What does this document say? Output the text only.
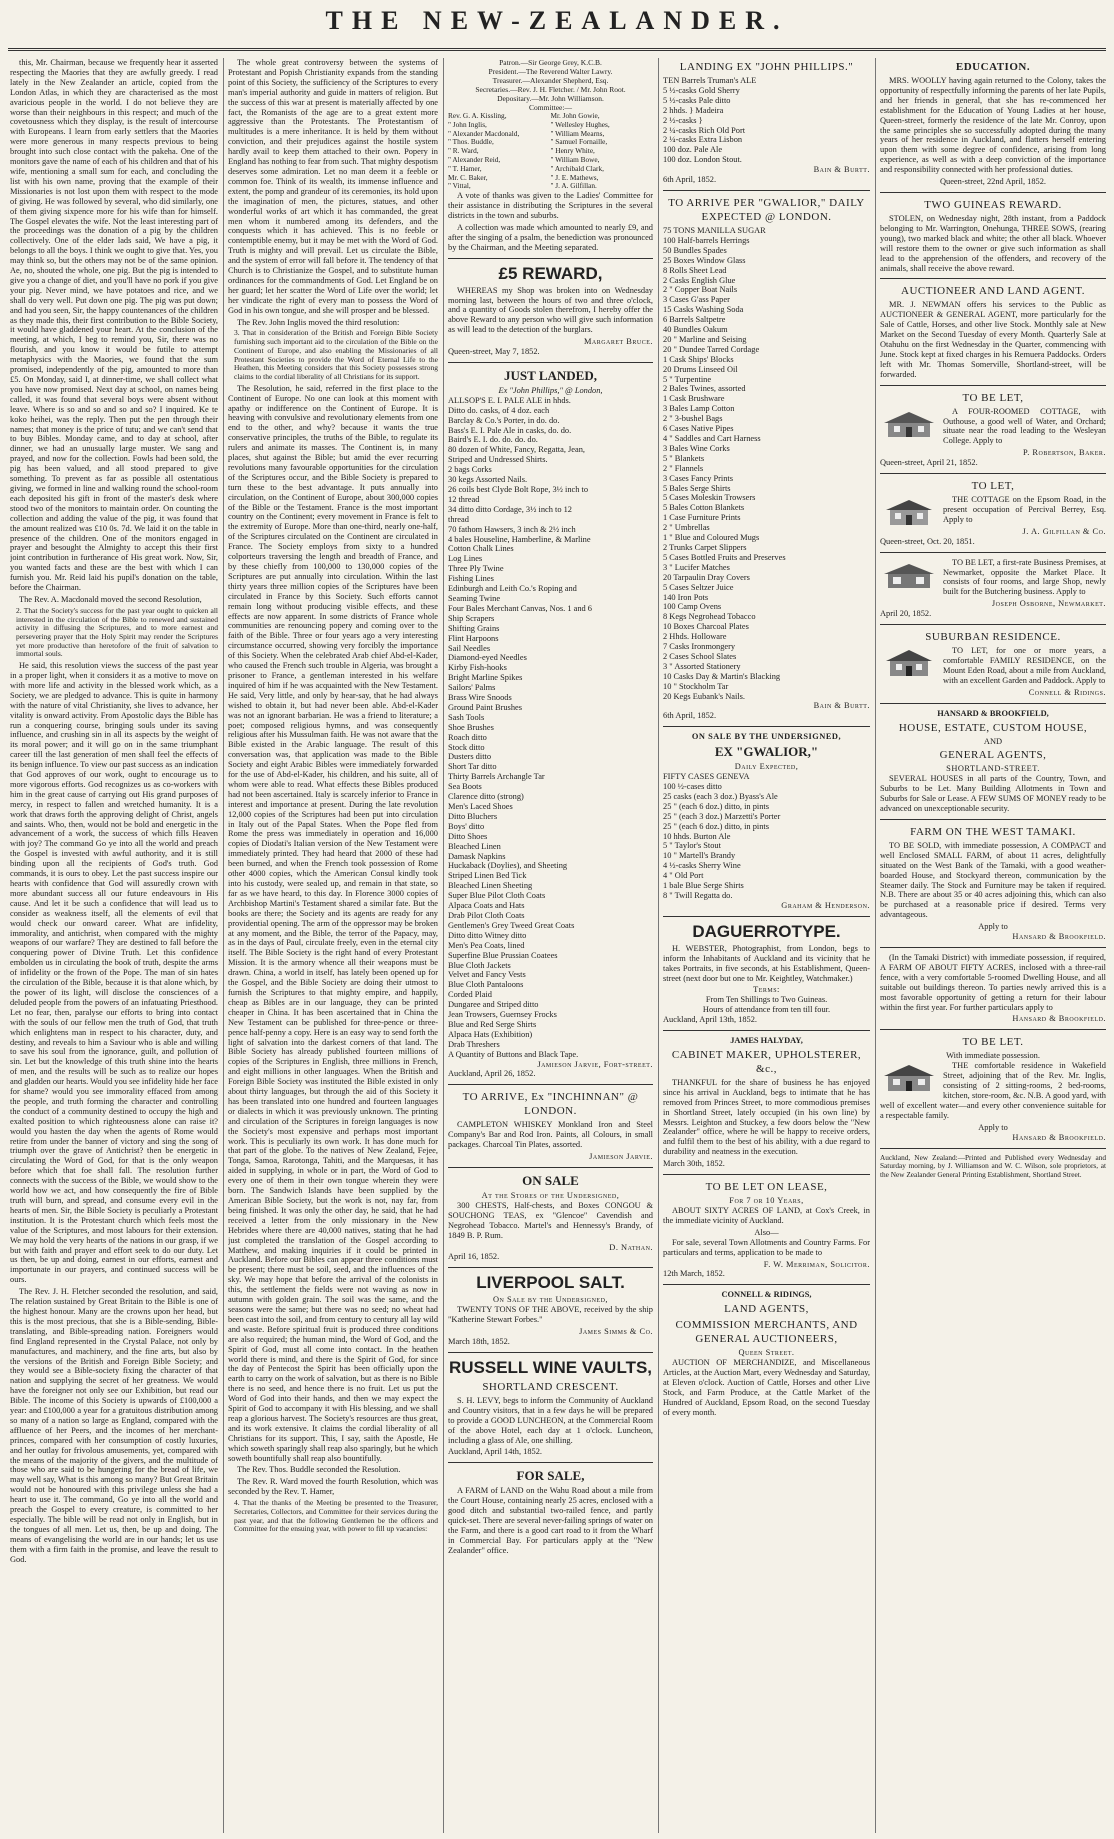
THE NEW-ZEALANDER.

this, Mr. Chairman, because we frequently hear it asserted respecting the Maories that they are awfully greedy. I read lately in the New Zealander an article, copied from the London Atlas, in which they are characterised as the most avaricious people in the world. I do not believe they are worse than their neighbours in this respect; and much of the covetousness which they display, is the result of intercourse with Europeans. I learn from early settlers that the Maories were more generous in many respects previous to being brought into such close contact with the pakeha. One of the monitors gave the name of each of his children and that of his wife, mentioning a small sum for each, and concluding the list with his own name, proving that the example of their Missionaries is not lost upon them with respect to the mode of giving. He was followed by several, who did similarly, one of them giving sixpence more for his wife than for himself. The Gospel elevates the wife. Not the least interesting part of the proceedings was the donation of a pig by the children collectively. One of the elder lads said, We have a pig, it belongs to all the boys. I think we ought to give that. Yes, you may think so, but the others may not be of the same opinion. Ae, no, shouted the whole, one pig. But the pig is intended to give you a change of diet, and you'll have no pork if you give your pig. Never mind, we have potatoes and rice, and we shall do very well. Put down one pig. The pig was put down; and had you seen, Sir, the happy countenances of the children as they made this, their first contribution to the Bible Society, it would have gladdened your heart. At the conclusion of the meeting, at which, I beg to remind you, Sir, there was no flourish, and you know it would be futile to attempt metaphysics with the Maories, we found that the sum promised, independently of the pig, amounted to more than £5. On Monday, said I, at dinner-time, we shall collect what you have now promised. Next day at school, on names being called, it was found that several boys were absent without leave. Where is so and so and so and so? I inquired. Ke te koko heihei, was the reply. Then put the pen through their names; that money is the price of tutu; and we can't send that to buy Bibles. Monday came, and to day at school, after dinner, we had an unusually large muster. We sang and prayed, and now for the collection. Fowls had been sold, the pig has been valued, and all stood prepared to give something. To prevent as far as possible all ostentatious giving, we formed in line and walking round the school-room each deposited his gift in front of the master's desk where stood two of the monitors to maintain order. On counting the collection and adding the value of the pig, it was found that the amount realized was £10 0s. 7d. We laid it on the table in presence of the children. One of the monitors engaged in prayer and besought the Almighty to accept this their first joint contribution in furtherance of His great work. Now, Sir, you wanted facts and these are the best with which I can furnish you. Mr. Reid laid his pupil's donation on the table, before the Chairman.

The Rev. A. Macdonald moved the second Resolution,

2. That the Society's success for the past year ought to quicken all interested in the circulation of the Bible to renewed and sustained activity in diffusing the Scriptures, and to more earnest and persevering prayer that the Holy Spirit may render the Scriptures yet more productive than heretofore of the fruit of salvation to immortal souls.

He said, this resolution views the success of the past year in a proper light, when it considers it as a motive to move on with more life and activity in the blessed work which, as a Society, we are pledged to advance. This is quite in harmony with the nature of vital Christianity, she lives to advance, her vitality is onward activity. From Apostolic days the Bible has run a conquering course, bringing souls under its saving influence, and crushing sin in all its aspects by the weight of its moral power; and it will go on in the same triumphant career till the last generation of men shall feel the effects of its benign influence. To view our past success as an indication that God approves of our work, ought to encourage us to more vigorous efforts. God recognizes us as co-workers with him in the great cause of carrying out His grand purposes of mercy, in respect to fallen and wretched humanity. It is a work that draws forth the approving delight of Christ, angels and saints. Who, then, would not be bold and energetic in the advancement of a work, the success of which fills Heaven with joy? The command Go ye into all the world and preach the Gospel is invested with awful authority, and it is still binding upon all the recipients of God's truth. God commands, it is ours to obey. Let the past success inspire our hearts with confidence that God will assuredly crown with more abundant success all our future endeavours in His cause. And let it be such a confidence that will lead us to consider as weakness itself, all the elements of evil that would check our onward career. What are infidelity, immorality, and antichrist, when compared with the mighty weapons of our warfare? They are destined to fall before the conquering power of Divine Truth. Let this confidence embolden us in circulating the book of truth, despite the arms of infidelity or the frown of the Pope. The man of sin hates the circulation of the Bible, because it is that alone which, by the power of its light, will disclose the consciences of a deluded people from the powers of an infatuating Priesthood. Let no fear, then, paralyse our efforts to bring into contact with the souls of our fellow men the truth of God, that truth which enlightens man in respect to his character, duty, and destiny, and reveals to him a Saviour who is able and willing to save his soul from the ignorance, guilt, and pollution of sin. Let but the knowledge of this truth shine into the hearts of men, and the results will be such as to realize our hopes and gladden our hearts. Would you see infidelity hide her face for shame? would you see immorality effaced from among the people, and truth forming the character and controlling the conduct of a community destined to occupy the high and exalted position to which righteousness alone can raise it? would you hasten the day when the agents of Rome would retire from under the banner of victory and sing the song of triumph over the grave of Antichrist? then be energetic in circulating the Word of God, for that is the only weapon before which that foe shall fall. The resolution further connects with the success of the Bible, we would show to the world how we act, and how consequently the fire of Bible truth will burn, and spread, and consume every evil in the hearts of men. Sir, the Bible Society is peculiarly a Protestant institution. It is the Protestant church which feels most the value of the Scriptures, and most labours for their extension. We may hold the very hearts of the nations in our grasp, if we but with faith and prayer and effort seek to do our duty. Let us then, be up and doing, earnest in our efforts, earnest and importunate in our prayers, and continued success will be ours.

The Rev. J. H. Fletcher seconded the resolution, and said, The relation sustained by Great Britain to the Bible is one of the highest honour. Many are the crowns upon her head, but this is the most precious, that she is a Bible-sending, Bible-translating, and Bible-spreading nation. Foreigners would find England represented in the Crystal Palace, not only by manufactures, and machinery, and the fine arts, but also by the versions of the British and Foreign Bible Society; and they would see a Bible-society fixing the character of that nation and supplying the secret of her greatness. We would have the foreigner not only see our Exhibition, but read our Bible. The income of this Society is upwards of £100,000 a year: and £100,000 a year for a gratuitous distribution among so many of a nation so large as England, compared with the affluence of her Peers, and the incomes of her merchant-princes, compared with her consumption of costly luxuries, and her outlay for frivolous amusements, yet, compared with the means of the majority of the givers, and the multitude of those who are said to be hungering for the bread of life, we may well say, What is this among so many? But Great Britain would not be honoured with this privilege unless she had a heart to use it. The command, Go ye into all the world and preach the Gospel to every creature, is committed to her especially. The bible will be read not only in English, but in the tongues of all men. Let us, then, be up and doing. The means of evangelising the world are in our hands; let us use them with a firm faith in the promise, and leave the result to God.

The whole great controversy between the systems of Protestant and Popish Christianity expands from the standing point of this Society, the sufficiency of the Scriptures to every man's imperial authority and guide in matters of religion. But the success of this war at present is materially affected by one fact, the Romanists of the age are to a great extent more aggressive than the Protestants. The Protestantism of multitudes is a mere inheritance. It is held by them without conviction, and their prejudices against the hostile system hardly avail to keep them attached to their own. Popery in England has nothing to fear from such. That mighty despotism deserves some admiration. Let no man deem it a feeble or common foe. Think of its wealth, its immense influence and extent, the pomp and grandeur of its ceremonies, its hold upon the imagination of men, the pictures, statues, and other wonderful works of art which it has commanded, the great men whom it numbered among its defenders, and the conquests which it has achieved. This is no feeble or contemptible enemy, but it may be met with the Word of God. Truth is mighty and will prevail. Let us circulate the Bible, and the system of error will fall before it. The tendency of that Church is to Christianize the Gospel, and to substitute human ordinances for the commandments of God. Let England be on her guard; let her scatter the Word of Life over the world; let her vindicate the right of every man to possess the Word of God in his own tongue, and she will prosper and be blessed.

The Rev. John Inglis moved the third resolution:

3. That in consideration of the British and Foreign Bible Society furnishing such important aid to the circulation of the Bible on the Continent of Europe, and also enabling the Missionaries of all Protestant Societies to provide the Word of Eternal Life to the Heathen, this Meeting considers that this Society possesses strong claims to the cordial liberality of all Christians for its support.

The Resolution, he said, referred in the first place to the Continent of Europe. No one can look at this moment with apathy or indifference on the Continent of Europe. It is heaving with convulsive and revolutionary elements from one end to the other, and why? because it wants the true conservative principles, the truths of the Bible, to regulate its rulers and animate its masses. The Continent is, in many places, shut against the Bible; but amid the ever recurring revolutions many favourable opportunities for the circulation of the Scriptures occur, and the Bible Society is prepared to turn these to the best advantage. It puts annually into circulation, on the Continent of Europe, about 300,000 copies of the Bible or the Testament. France is the most important country on the Continent; every movement in France is felt to the extremity of Europe. More than one-third, nearly one-half, of the Scriptures circulated on the Continent are circulated in France. The Society employs from sixty to a hundred colporteurs traversing the length and breadth of France, and by these chiefly from 100,000 to 130,000 copies of the Scriptures are put annually into circulation. Within the last thirty years three million copies of the Scriptures have been circulated in France by this Society. Such efforts cannot remain long without producing visible effects, and these effects are now apparent. In some districts of France whole communities are renouncing popery and coming over to the faith of the Bible. Three or four years ago a very interesting circumstance occurred, showing very forcibly the importance of this Society. When the celebrated Arab chief Abd-el-Kader, who caused the French such trouble in Algeria, was brought a prisoner to France, a gentleman interested in his welfare inquired of him if he was acquainted with the New Testament. He said, Very little, and only by hear-say, that he had always wished to obtain it, but had never been able. Abd-el-Kader was not an ignorant barbarian. He was a friend to literature; a poet; composed religious hymns, and was consequently religious after his Mussulman faith. He was not aware that the Bible existed in the Arabic language. The result of this conversation was, that application was made to the Bible Society and eight Arabic Bibles were immediately forwarded for the use of Abd-el-Kader, his children, and his suite, all of whom were able to read. What effects these Bibles produced had not been ascertained. Italy is scarcely inferior to France in interest and importance at present. During the late revolution 12,000 copies of the Scriptures had been put into circulation in Italy out of the Papal States. When the Pope fled from Rome the press was immediately in operation and 16,000 copies of Diodati's Italian version of the New Testament were immediately printed. They had heard that 2000 of these had been burned, and when the French took possession of Rome other 4000 copies, which the American Consul kindly took into his custody, were sealed up, and remain in that state, so far as we have heard, to this day. In Florence 3000 copies of Archbishop Martini's Testament shared a similar fate. But the books are there; the Society and its agents are ready for any providential opening. The arm of the oppressor may be broken at any moment, and the Bible, the terror of the Papacy, may, as in the days of Paul, circulate freely, even in the eternal city itself. The Bible Society is the right hand of every Protestant Mission. It is the armory whence all their weapons must be drawn. China, a world in itself, has lately been opened up for the Gospel, and the Bible Society are doing their utmost to furnish the Scriptures to that mighty empire, and happily, cheap as Bibles are in our language, they can be printed cheaper in China. It has been ascertained that in China the New Testament can be published for three-pence or three-pence half-penny a copy. Here is an easy way to send forth the light of salvation into the darkest corners of that land. The Bible Society has already published fourteen millions of copies of the Scriptures in English, three millions in French, and eight millions in other languages. When the British and Foreign Bible Society was instituted the Bible existed in only about thirty languages, but through the aid of this Society it has been translated into one hundred and fourteen languages or dialects in which it was previously unknown. The printing and circulation of the Scriptures in foreign languages is now the Society's most expensive and perhaps most important work. This is peculiarly its own work. It has done much for that part of the globe. To the natives of New Zealand, Fejee, Tonga, Samoa, Rarotonga, Tahiti, and the Marquesas, it has aided in supplying, in whole or in part, the Word of God to every one of them in their own tongue wherein they were born. The Sandwich Islands have been supplied by the American Bible Society, but the work is not, nay far, from being finished. It was only the other day, he said, that he had received a letter from the only missionary in the New Hebrides where there are 40,000 natives, stating that he had just completed the translation of the Gospel according to Matthew, and making inquiries if it could be printed in Auckland. Before our Bibles can appear three conditions must be present; there must be soil, seed, and the influences of the sky. We may hope that before the arrival of the colonists in this, the settlement the fields were not waving as now in autumn with golden grain. The soil was the same, and the seasons were the same; but there was no seed; no wheat had been cast into the soil, and from century to century all lay wild and waste. Before spiritual fruit is produced three conditions are also required; the human mind, the Word of God, and the Spirit of God, must all come into contact. In the heathen world there is mind, and there is the Spirit of God, for since the day of Pentecost the Spirit has been officially upon the earth to carry on the work of salvation, but as there is no Bible there is no seed, and hence there is no fruit. Let us put the Word of God into their hands, and then we may expect the Spirit of God to accompany it with His blessing, and we shall reap a glorious harvest. The Society's resources are thus great, and its work extensive. It claims the cordial liberality of all Christians for its support. This, I say, saith the Apostle, He which soweth sparingly shall reap also sparingly, but he which soweth bountifully shall reap also bountifully.

The Rev. Thos. Buddle seconded the Resolution.

The Rev. R. Ward moved the fourth Resolution, which was seconded by the Rev. T. Hamer,

4. That the thanks of the Meeting be presented to the Treasurer, Secretaries, Collectors, and Committee for their services during the past year, and that the following Gentlemen be the officers and Committee for the ensuing year, with power to fill up vacancies:
Patron.—Sir George Grey, K.C.B.
President.—The Reverend Walter Lawry.
Treasurer.—Alexander Shepherd, Esq.
Secretaries.—Rev. J. H. Fletcher. / Mr. John Root.
Depositary.—Mr. John Williamson.
Committee:—
Rev. G. A. Kissling,
" John Inglis,
" Alexander Macdonald,
" Thos. Buddle,
" R. Ward,
" Alexander Reid,
" T. Hamer,
Mr. C. Baker,
" Vittal,
Mr. John Gowie,
" Wellesley Hughes,
" William Mearns,
" Samuel Fornaille,
" Henry White,
" William Bowe,
" Archibald Clark,
" J. E. Mathews,
" J. A. Gilfillan.

A vote of thanks was given to the Ladies' Committee for their assistance in distributing the Scriptures in the several districts in the town and suburbs.

A collection was made which amounted to nearly £9, and after the singing of a psalm, the benediction was pronounced by the Chairman, and the Meeting separated.

£5 REWARD,

WHEREAS my Shop was broken into on Wednesday morning last, between the hours of two and three o'clock, and a quantity of Goods stolen therefrom, I hereby offer the above Reward to any person who will give such information as will lead to the detection of the burglars.

Margaret Bruce.
Queen-street, May 7, 1852.
JUST LANDED,
Ex "John Phillips," @ London,
ALLSOP'S E. I. PALE ALE in hhds.
Ditto do. casks, of 4 doz. each
Barclay & Co.'s Porter, in do. do.
Bass's E. I. Pale Ale in casks, do. do.
Baird's E. I. do. do. do. do.
80 dozen of White, Fancy, Regatta, Jean,
Striped and Undressed Shirts.
2 bags Corks
30 kegs Assorted Nails.
26 coils best Clyde Bolt Rope, 3½ inch to
12 thread
34 ditto ditto Cordage, 3½ inch to 12
thread
70 fathom Hawsers, 3 inch & 2½ inch
4 bales Houseline, Hamberline, & Marline
Cotton Chalk Lines
Log Lines
Three Ply Twine
Fishing Lines
Edinburgh and Leith Co.'s Roping and
Seaming Twine
Four Bales Merchant Canvas, Nos. 1 and 6
Ship Scrapers
Shifting Grains
Flint Harpoons
Sail Needles
Diamond-eyed Needles
Kirby Fish-hooks
Bright Marline Spikes
Sailors' Palms
Brass Wire Snoods
Ground Paint Brushes
Sash Tools
Shoe Brushes
Roach ditto
Stock ditto
Dusters ditto
Short Tar ditto
Thirty Barrels Archangle Tar
Sea Boots
Clarence ditto (strong)
Men's Laced Shoes
Ditto Bluchers
Boys' ditto
Ditto Shoes
Bleached Linen
Damask Napkins
Huckaback (Doylies), and Sheeting
Striped Linen Bed Tick
Bleached Linen Sheeting
Super Blue Pilot Cloth Coats
Alpaca Coats and Hats
Drab Pilot Cloth Coats
Gentlemen's Grey Tweed Great Coats
Ditto ditto Witney ditto
Men's Pea Coats, lined
Superfine Blue Prussian Coatees
Blue Cloth Jackets
Velvet and Fancy Vests
Blue Cloth Pantaloons
Corded Plaid
Dungaree and Striped ditto
Jean Trowsers, Guernsey Frocks
Blue and Red Serge Shirts
Alpaca Hats (Exhibition)
Drab Threshers
A Quantity of Buttons and Black Tape.
Jamieson Jarvie, Fort-street.
Auckland, April 26, 1852.
TO ARRIVE, Ex "INCHINNAN" @ LONDON.

CAMPLETON WHISKEY Monkland Iron and Steel Company's Bar and Rod Iron. Paints, all Colours, in small packages. Charcoal Tin Plates, assorted.

Jamieson Jarvie.
ON SALE
At the Stores of the Undersigned,

300 CHESTS, Half-chests, and Boxes CONGOU & SOUCHONG TEAS, ex "Glencoe" Cavendish and Negrohead Tobacco. Martel's and Hennessy's Brandy, of 1849 B. P. Rum.

D. Nathan.
April 16, 1852.
LIVERPOOL SALT.
On Sale by the Undersigned,

TWENTY TONS OF THE ABOVE, received by the ship "Katherine Stewart Forbes."

James Simms & Co.
March 18th, 1852.
RUSSELL WINE VAULTS,
SHORTLAND CRESCENT.

S. H. LEVY, begs to inform the Community of Auckland and Country visitors, that in a few days he will be prepared to provide a GOOD LUNCHEON, at the Commercial Room of the above Hotel, each day at 1 o'clock. Luncheon, including a glass of Ale, one shilling.

Auckland, April 14th, 1852.
FOR SALE,

A FARM of LAND on the Wahu Road about a mile from the Court House, containing nearly 25 acres, enclosed with a good ditch and substantial two-railed fence, and partly quick-set. There are several never-failing springs of water on the Farm, and there is a good cart road to it from the Wharf in Commercial Bay. For particulars apply at the "New Zealander" office.

LANDING EX "JOHN PHILLIPS."
TEN Barrels Truman's ALE
5 ½-casks Gold Sherry
5 ½-casks Pale ditto
2 hhds. } Madeira
2 ½-casks }
2 ¼-casks Rich Old Port
2 ¼-casks Extra Lisbon
100 doz. Pale Ale
100 doz. London Stout.
Bain & Burtt.
6th April, 1852.
TO ARRIVE PER "GWALIOR," DAILY EXPECTED @ LONDON.
75 TONS MANILLA SUGAR
100 Half-barrels Herrings
50 Bundles Spades
25 Boxes Window Glass
8 Rolls Sheet Lead
2 Casks English Glue
2 " Copper Boat Nails
3 Cases G'ass Paper
15 Casks Washing Soda
6 Barrels Saltpetre
40 Bundles Oakum
20 " Marline and Seising
20 " Dundee Tarred Cordage
1 Cask Ships' Blocks
20 Drums Linseed Oil
5 " Turpentine
2 Bales Twines, assorted
1 Cask Brushware
3 Bales Lamp Cotton
2 " 3-bushel Bags
6 Cases Native Pipes
4 " Saddles and Cart Harness
3 Bales Wine Corks
5 " Blankets
2 " Flannels
3 Cases Fancy Prints
5 Bales Serge Shirts
5 Cases Moleskin Trowsers
5 Bales Cotton Blankets
1 Case Furniture Prints
2 " Umbrellas
1 " Blue and Coloured Mugs
2 Trunks Carpet Slippers
5 Cases Bottled Fruits and Preserves
3 " Lucifer Matches
20 Tarpaulin Dray Covers
5 Cases Seltzer Juice
140 Iron Pots
100 Camp Ovens
8 Kegs Negrohead Tobacco
10 Boxes Charcoal Plates
2 Hhds. Holloware
7 Casks Ironmongery
2 Cases School Slates
3 " Assorted Stationery
10 Casks Day & Martin's Blacking
10 " Stockholm Tar
20 Kegs Eubank's Nails.
Bain & Burtt.
6th April, 1852.
ON SALE BY THE UNDERSIGNED,
EX "GWALIOR,"
Daily Expected,
FIFTY CASES GENEVA
100 ½-cases ditto
25 casks (each 3 doz.) Byass's Ale
25 " (each 6 doz.) ditto, in pints
25 " (each 3 doz.) Marzetti's Porter
25 " (each 6 doz.) ditto, in pints
10 hhds. Burton Ale
5 " Taylor's Stout
10 " Martell's Brandy
4 ½-casks Sherry Wine
4 " Old Port
1 bale Blue Serge Shirts
8 " Twill Regatta do.
Graham & Henderson.
DAGUERROTYPE.

H. WEBSTER, Photographist, from London, begs to inform the Inhabitants of Auckland and its vicinity that he takes Portraits, in five seconds, at his Establishment, Queen-street (next door but one to Mr. Keightley, Watchmaker.)

Terms:
From Ten Shillings to Two Guineas.
Hours of attendance from ten till four.
Auckland, April 13th, 1852.
JAMES HALYDAY,
CABINET MAKER, UPHOLSTERER, &c.,

THANKFUL for the share of business he has enjoyed since his arrival in Auckland, begs to intimate that he has removed from Princes Street, to more commodious premises in Shortland Street, lately occupied (in his own line) by Messrs. Leighton and Stuckey, a few doors below the "New Zealander" office, where he will be happy to receive orders, and fulfil them to the best of his ability, with a due regard to durability and neatness in the execution.

March 30th, 1852.
TO BE LET ON LEASE,
For 7 or 10 Years,

ABOUT SIXTY ACRES OF LAND, at Cox's Creek, in the immediate vicinity of Auckland.

Also—

For sale, several Town Allotments and Country Farms. For particulars and terms, application to be made to

F. W. Merriman, Solicitor.
12th March, 1852.
CONNELL & RIDINGS,
LAND AGENTS,
COMMISSION MERCHANTS, AND GENERAL AUCTIONEERS,
Queen Street.

AUCTION OF MERCHANDIZE, and Miscellaneous Articles, at the Auction Mart, every Wednesday and Saturday, at Eleven o'clock. Auction of Cattle, Horses and other Live Stock, and Farm Produce, at the Cattle Market of the Hundred of Auckland, Epsom Road, on the second Tuesday of every month.

EDUCATION.

MRS. WOOLLY having again returned to the Colony, takes the opportunity of respectfully informing the parents of her late Pupils, and her friends in general, that she has re-commenced her establishment for the Education of Young Ladies at her house, Queen-street, formerly the residence of the late Mr. Conroy, upon the same principles she so successfully adopted during the many years of her residence in Auckland, and flatters herself entering upon them with some degree of confidence, arising from long experience, as well as with a deep conviction of the importance and responsibility connected with her professional duties.

Queen-street, 22nd April, 1852.
TWO GUINEAS REWARD.

STOLEN, on Wednesday night, 28th instant, from a Paddock belonging to Mr. Warrington, Onehunga, THREE SOWS, (rearing young), two marked black and white; the other all black. Whoever will restore them to the owner or give such information as shall lead to the apprehension of the offenders, and recovery of the animals, shall receive the above reward.

AUCTIONEER AND LAND AGENT.

MR. J. NEWMAN offers his services to the Public as AUCTIONEER & GENERAL AGENT, more particularly for the Sale of Cattle, Horses, and other live Stock. Monthly sale at New Market on the Second Tuesday of every Month. Quarterly Sale at Otahuhu on the first Wednesday in the Quarter, commencing with June. Stock kept at fixed charges in his Remuera Paddocks. Orders left with Mr. Thomas Somerville, Shortland-street, will be forwarded.

TO BE LET,

A FOUR-ROOMED COTTAGE, with Outhouse, a good well of Water, and Orchard; situate near the road leading to the Wesleyan College. Apply to

P. Robertson, Baker.
Queen-street, April 21, 1852.
TO LET,

THE COTTAGE on the Epsom Road, in the present occupation of Percival Berrey, Esq. Apply to

J. A. Gilfillan & Co.
Queen-street, Oct. 20, 1851.

TO BE LET, a first-rate Business Premises, at Newmarket, opposite the Market Place. It consists of four rooms, and large Shop, newly built for the Butchering business. Apply to

Joseph Osborne, Newmarket.
April 20, 1852.
SUBURBAN RESIDENCE.

TO LET, for one or more years, a comfortable FAMILY RESIDENCE, on the Mount Eden Road, about a mile from Auckland, with an excellent Garden and Paddock. Apply to

Connell & Ridings.
HANSARD & BROOKFIELD,
HOUSE, ESTATE, CUSTOM HOUSE,
AND
GENERAL AGENTS,
SHORTLAND-STREET.

SEVERAL HOUSES in all parts of the Country, Town, and Suburbs to be Let. Many Building Allotments in Town and Suburbs for Sale or Lease. A FEW SUMS OF MONEY ready to be advanced on unexceptionable security.

FARM ON THE WEST TAMAKI.

TO BE SOLD, with immediate possession, A COMPACT and well Enclosed SMALL FARM, of about 11 acres, delightfully situated on the West Bank of the Tamaki, with a good weather-boarded House, and Stockyard thereon, communication by the Steamer daily. The Stock and Furniture may be taken if required. N.B. There are about 35 or 40 acres adjoining this, which can also be purchased at a reasonable price if desired. Terms very advantageous.

Apply to
Hansard & Brookfield.

(In the Tamaki District) with immediate possession, if required, A FARM OF ABOUT FIFTY ACRES, inclosed with a three-rail fence, with a very comfortable 5-roomed Dwelling House, and all suitable out buildings thereon. To parties newly arrived this is a most favorable opportunity of getting a return for their labour within the first year. For further particulars apply to

Hansard & Brookfield.
TO BE LET.
With immediate possession.

THE comfortable residence in Wakefield Street, adjoining that of the Rev. Mr. Inglis, consisting of 2 sitting-rooms, 2 bed-rooms, kitchen, store-room, &c. N.B. A good yard, with well of excellent water—and every other convenience suitable for a respectable family.

Apply to
Hansard & Brookfield.
Auckland, New Zealand:—Printed and Published every Wednesday and Saturday morning, by J. Williamson and W. C. Wilson, sole proprietors, at the New Zealander General Printing Establishment, Shortland Street.
